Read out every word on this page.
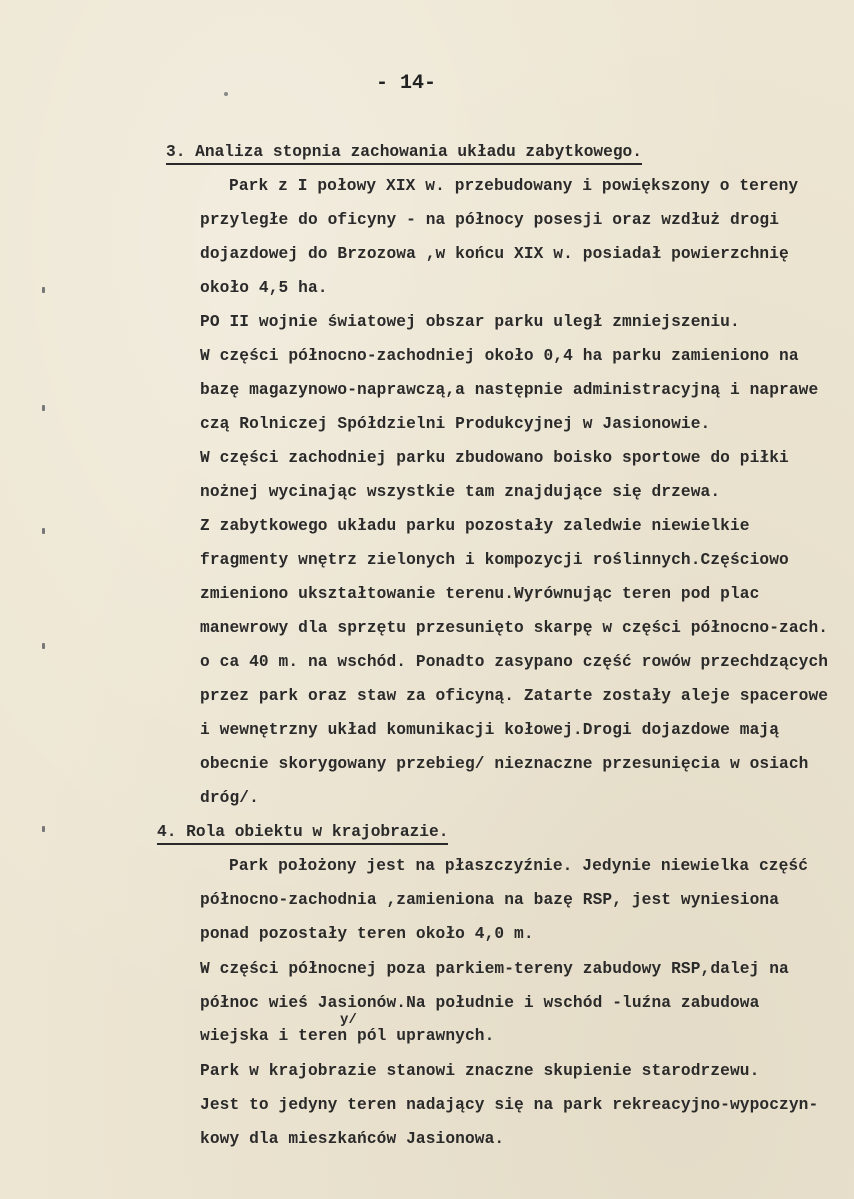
- 14-
3. Analiza stopnia zachowania układu zabytkowego.
Park z I połowy XIX w. przebudowany i powiększony o tereny
przyległe do oficyny - na północy posesji oraz wzdłuż drogi
dojazdowej do Brzozowa ,w końcu XIX w. posiadał powierzchnię
około 4,5 ha.
PO II wojnie światowej obszar parku uległ zmniejszeniu.
W części północno-zachodniej około 0,4 ha parku zamieniono na
bazę magazynowo-naprawczą,a następnie administracyjną i naprawe
czą Rolniczej Spółdzielni Produkcyjnej w Jasionowie.
W części zachodniej parku zbudowano boisko sportowe do piłki
nożnej wycinając wszystkie tam znajdujące się drzewa.
Z zabytkowego układu parku pozostały zaledwie niewielkie
fragmenty wnętrz zielonych i kompozycji roślinnych.Częściowo
zmieniono ukształtowanie terenu.Wyrównując teren pod plac
manewrowy dla sprzętu przesunięto skarpę w części północno-zach.
o ca 40 m. na wschód. Ponadto zasypano część rowów przechdzących
przez park oraz staw za oficyną. Zatarte zostały aleje spacerowe
i wewnętrzny układ komunikacji kołowej.Drogi dojazdowe mają
obecnie skorygowany przebieg/ nieznaczne przesunięcia w osiach
dróg/.
4. Rola obiektu w krajobrazie.
Park położony jest na płaszczyźnie. Jedynie niewielka część
północno-zachodnia ,zamieniona na bazę RSP, jest wyniesiona
ponad pozostały teren około 4,0 m.
W części północnej poza parkiem-tereny zabudowy RSP,dalej na
północ wieś Jasionów.Na południe i wschód -luźna zabudowa
y/
wiejska i teren pól uprawnych.
Park w krajobrazie stanowi znaczne skupienie starodrzewu.
Jest to jedyny teren nadający się na park rekreacyjno-wypoczyn-
kowy dla mieszkańców Jasionowa.
